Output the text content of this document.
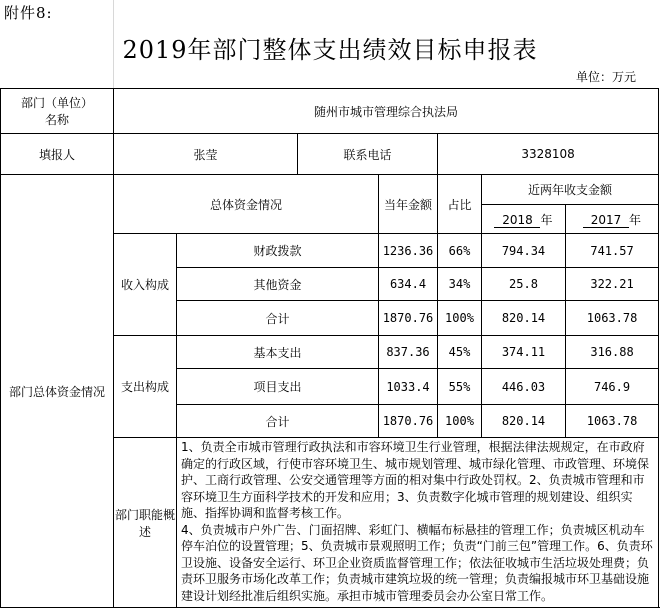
附件8:
2019年部门整体支出绩效目标申报表
单位：万元
部门（单位）
名称	随州市城市管理综合执法局						
填报人	张莹		联系电话		3328108		
部门总体资金情况	总体资金情况			当年金额	占比	近两年收支金额	
						2018 年	2017 年
	收入构成	财政拨款		1236.36	66%	794.34	741.57
		其他资金		634.4	34%	25.8	322.21
		合计		1870.76	100%	820.14	1063.78
	支出构成	基本支出		837.36	45%	374.11	316.88
		项目支出		1033.4	55%	446.03	746.9
		合计		1870.76	100%	820.14	1063.78
	部门职能概述	1、负责全市城市管理行政执法和市容环境卫生行业管理，根据法律法规规定，在市政府确定的行政区域，行使市容环境卫生、城市规划管理、城市绿化管理、市政管理、环境保护、工商行政管理、公安交通管理等方面的相对集中行政处罚权。2、负责城市管理和市容环境卫生方面科学技术的开发和应用；3、负责数字化城市管理的规划建设、组织实施、指挥协调和监督考核工作。
4、负责城市户外广告、门面招牌、彩虹门、横幅布标悬挂的管理工作；负责城区机动车停车泊位的设置管理；5、负责城市景观照明工作；负责“门前三包”管理工作。6、负责环卫设施、设备安全运行、环卫企业资质监督管理工作；依法征收城市生活垃圾处理费；负责环卫服务市场化改革工作；负责城市建筑垃圾的统一管理；负责编报城市环卫基础设施建设计划经批准后组织实施。承担市城市管理委员会办公室日常工作。					
